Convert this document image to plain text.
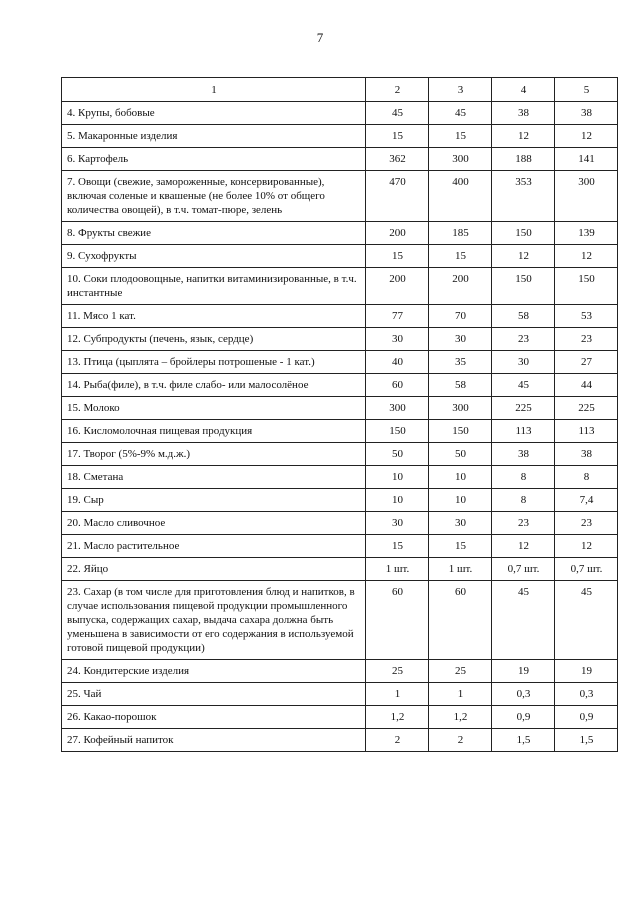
7
1	2	3	4	5
4. Крупы, бобовые	45	45	38	38
5. Макаронные изделия	15	15	12	12
6. Картофель	362	300	188	141
7. Овощи (свежие, замороженные, консервированные), включая соленые и квашеные (не более 10% от общего количества овощей), в т.ч. томат-пюре, зелень	470	400	353	300
8. Фрукты свежие	200	185	150	139
9. Сухофрукты	15	15	12	12
10. Соки плодоовощные, напитки витаминизированные, в т.ч. инстантные	200	200	150	150
11. Мясо 1 кат.	77	70	58	53
12. Субпродукты (печень, язык, сердце)	30	30	23	23
13. Птица (цыплята – бройлеры потрошеные - 1 кат.)	40	35	30	27
14. Рыба(филе), в т.ч. филе слабо- или малосолёное	60	58	45	44
15. Молоко	300	300	225	225
16. Кисломолочная пищевая продукция	150	150	113	113
17. Творог (5%-9% м.д.ж.)	50	50	38	38
18. Сметана	10	10	8	8
19. Сыр	10	10	8	7,4
20. Масло сливочное	30	30	23	23
21. Масло растительное	15	15	12	12
22. Яйцо	1 шт.	1 шт.	0,7 шт.	0,7 шт.
23. Сахар (в том числе для приготовления блюд и напитков, в случае использования пищевой продукции промышленного выпуска, содержащих сахар, выдача сахара должна быть уменьшена в зависимости от его содержания в используемой готовой пищевой продукции)	60	60	45	45
24. Кондитерские изделия	25	25	19	19
25. Чай	1	1	0,3	0,3
26. Какао-порошок	1,2	1,2	0,9	0,9
27. Кофейный напиток	2	2	1,5	1,5
